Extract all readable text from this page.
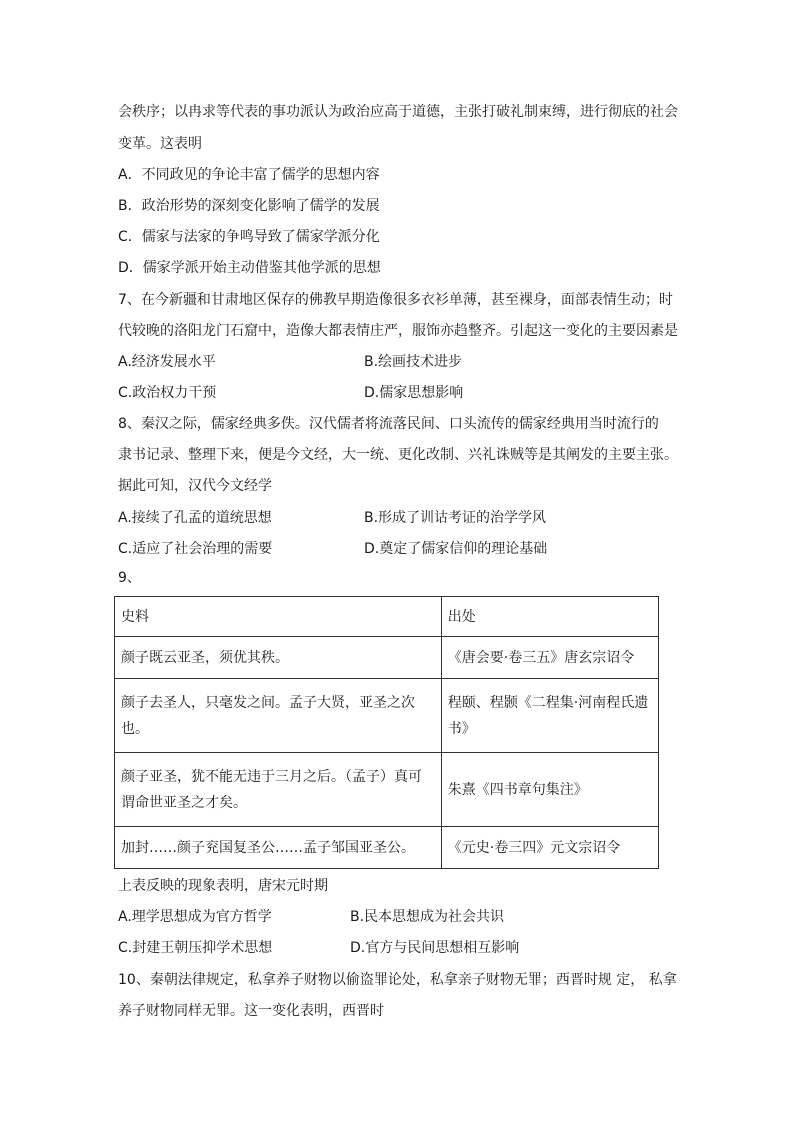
会秩序；以冉求等代表的事功派认为政治应高于道德，主张打破礼制束缚，进行彻底的社会
变革。这表明
A．不同政见的争论丰富了儒学的思想内容
B．政治形势的深刻变化影响了儒学的发展
C．儒家与法家的争鸣导致了儒家学派分化
D．儒家学派开始主动借鉴其他学派的思想
7、在今新疆和甘肃地区保存的佛教早期造像很多衣衫单薄，甚至裸身，面部表情生动；时
代较晚的洛阳龙门石窟中，造像大都表情庄严，服饰亦趋整齐。引起这一变化的主要因素是
A.经济发展水平	B.绘画技术进步
C.政治权力干预	D.儒家思想影响
8、秦汉之际，儒家经典多佚。汉代儒者将流落民间、口头流传的儒家经典用当时流行的
隶书记录、整理下来，便是今文经，大一统、更化改制、兴礼诛贼等是其阐发的主要主张。
据此可知，汉代今文经学
A.接续了孔孟的道统思想	B.形成了训诂考证的治学学风
C.适应了社会治理的需要	D.奠定了儒家信仰的理论基础
9、
史料	出处
颜子既云亚圣，须优其秩。	《唐会要·卷三五》唐玄宗诏令
颜子去圣人，只毫发之间。孟子大贤，亚圣之次也。	程颐、程颢《二程集·河南程氏遗书》
颜子亚圣，犹不能无违于三月之后。（孟子）真可谓命世亚圣之才矣。	朱熹《四书章句集注》
加封……颜子兖国复圣公……孟子邹国亚圣公。	《元史·卷三四》元文宗诏令
上表反映的现象表明，唐宋元时期
A.理学思想成为官方哲学	B.民本思想成为社会共识
C.封建王朝压抑学术思想	D.官方与民间思想相互影响
10、秦朝法律规定，私拿养子财物以偷盗罪论处，私拿亲子财物无罪；西晋时规 定， 私拿
养子财物同样无罪。这一变化表明，西晋时
